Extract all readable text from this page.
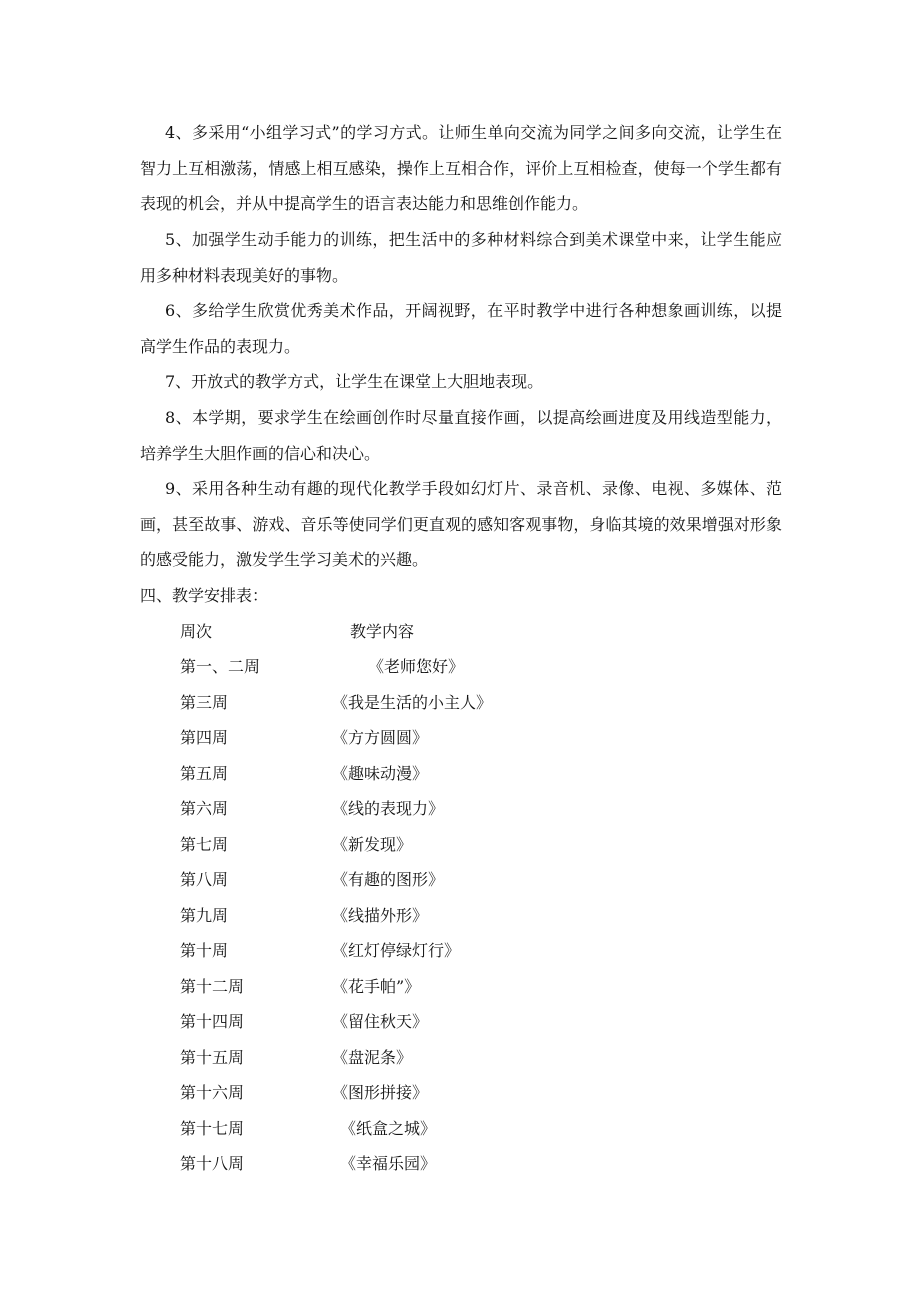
4、多采用“小组学习式”的学习方式。让师生单向交流为同学之间多向交流，让学生在智力上互相激荡，情感上相互感染，操作上互相合作，评价上互相检查，使每一个学生都有表现的机会，并从中提高学生的语言表达能力和思维创作能力。

5、加强学生动手能力的训练，把生活中的多种材料综合到美术课堂中来，让学生能应用多种材料表现美好的事物。

6、多给学生欣赏优秀美术作品，开阔视野，在平时教学中进行各种想象画训练，以提高学生作品的表现力。

7、开放式的教学方式，让学生在课堂上大胆地表现。

8、本学期，要求学生在绘画创作时尽量直接作画，以提高绘画进度及用线造型能力，培养学生大胆作画的信心和决心。

9、采用各种生动有趣的现代化教学手段如幻灯片、录音机、录像、电视、多媒体、范画，甚至故事、游戏、音乐等使同学们更直观的感知客观事物，身临其境的效果增强对形象的感受能力，激发学生学习美术的兴趣。

四、教学安排表：

周次	教学内容
第一、二周	《老师您好》
第三周	《我是生活的小主人》
第四周	《方方圆圆》
第五周	《趣味动漫》
第六周	《线的表现力》
第七周	《新发现》
第八周	《有趣的图形》
第九周	《线描外形》
第十周	《红灯停绿灯行》
第十二周	《花手帕”》
第十四周	《留住秋天》
第十五周	《盘泥条》
第十六周	《图形拼接》
第十七周	《纸盒之城》
第十八周	《幸福乐园》
